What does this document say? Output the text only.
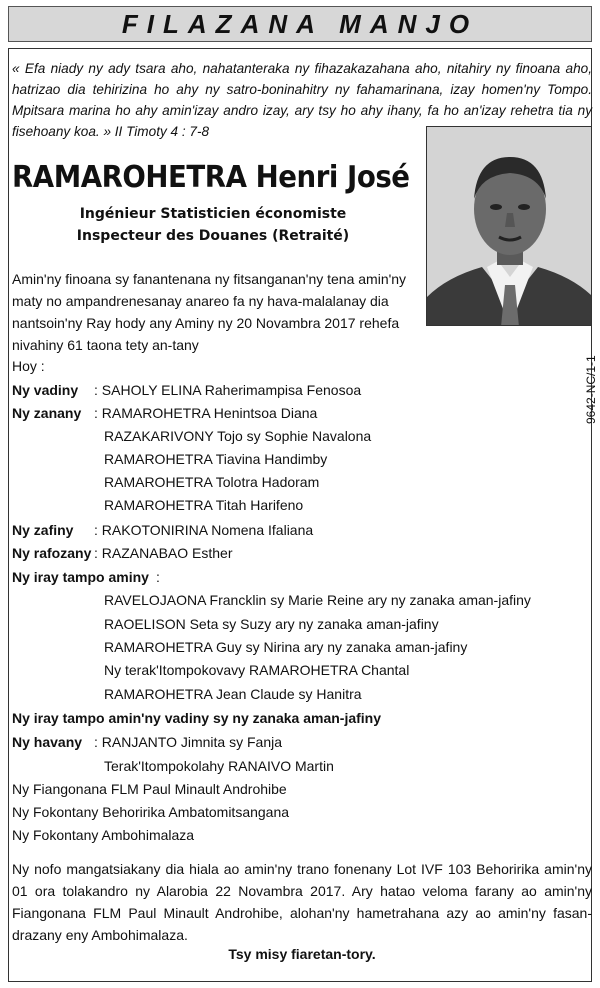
FILAZANA MANJO
« Efa niady ny ady tsara aho, nahatanteraka ny fihazakazahana aho, nitahiry ny finoana aho, hatrizao dia tehirizina ho ahy ny satro-boninahitry ny fahamarinana, izay homen'ny Tompo. Mpitsara marina ho ahy amin'izay andro izay, ary tsy ho ahy ihany, fa ho an'izay rehetra tia ny fisehoany koa. » II Timoty 4 : 7-8
RAMAROHETRA Henri José
Ingénieur Statisticien économiste
Inspecteur des Douanes (Retraité)
Amin'ny finoana sy fanantenana ny fitsanganan'ny tena amin'ny maty no ampandrenesanay anareo fa ny hava-malalanay dia nantsoin'ny Ray hody any Aminy ny 20 Novambra 2017 rehefa nivahiny 61 taona tety an-tany
Hoy :
Ny vadiny : SAHOLY ELINA Raherimampisa Fenosoa
Ny zanany : RAMAROHETRA Henintsoa Diana
RAZAKARIVONY Tojo sy Sophie Navalona
RAMAROHETRA Tiavina Handimby
RAMAROHETRA Tolotra Hadoram
RAMAROHETRA Titah Harifeno
Ny zafiny : RAKOTONIRINA Nomena Ifaliana
Ny rafozany : RAZANABAO Esther
Ny iray tampo aminy :
RAVELOJAONA Francklin sy Marie Reine ary ny zanaka aman-jafiny
RAOELISON Seta sy Suzy ary ny zanaka aman-jafiny
RAMAROHETRA Guy sy Nirina ary ny zanaka aman-jafiny
Ny terak'Itompokovavy RAMAROHETRA Chantal
RAMAROHETRA Jean Claude sy Hanitra
Ny iray tampo amin'ny vadiny sy ny zanaka aman-jafiny
Ny havany : RANJANTO Jimnita sy Fanja
Terak'Itompokolahy RANAIVO Martin
Ny Fiangonana FLM Paul Minault Androhibe
Ny Fokontany Behoririka Ambatomitsangana
Ny Fokontany Ambohimalaza
Ny nofo mangatsiakany dia hiala ao amin'ny trano fonenany Lot IVF 103 Behoririka amin'ny 01 ora tolakandro ny Alarobia 22 Novambra 2017. Ary hatao veloma farany ao amin'ny Fiangonana FLM Paul Minault Androhibe, alohan'ny hametrahana azy ao amin'ny fasan-drazany eny Ambohimalaza.
Tsy misy fiaretan-tory.
9642-NC/1-1
